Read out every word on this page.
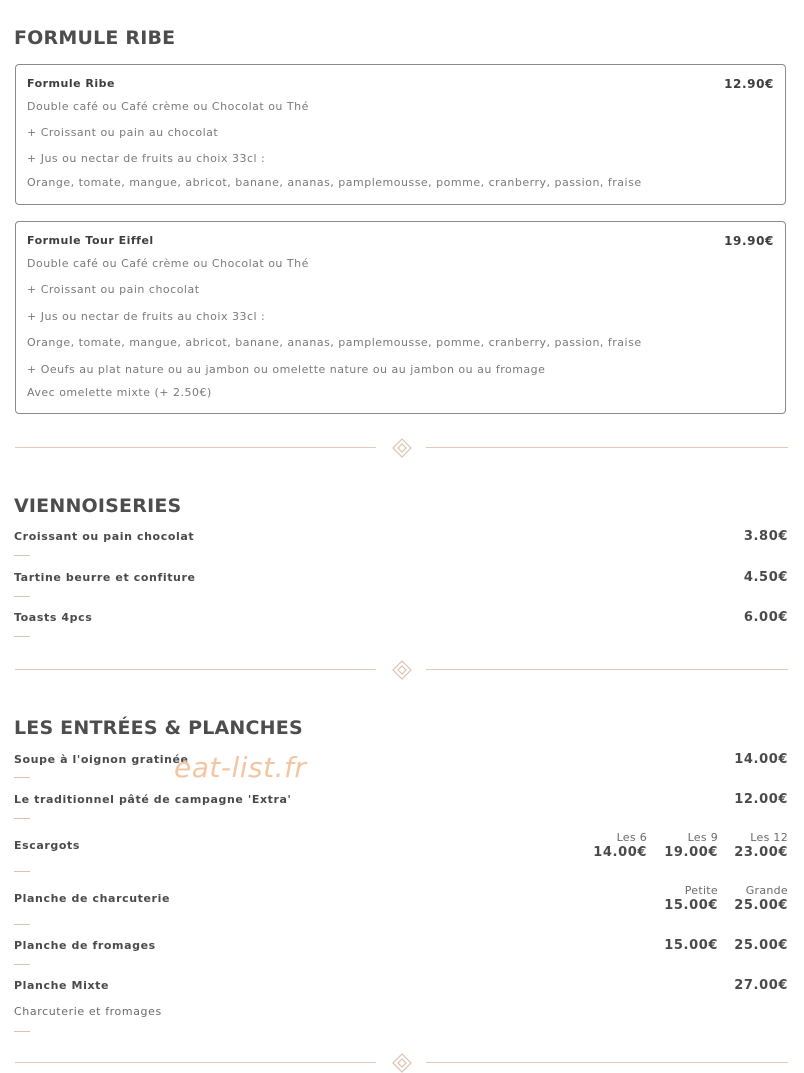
FORMULE RIBE
Formule Ribe	12.90€
Double café ou Café crème ou Chocolat ou Thé
+ Croissant ou pain au chocolat
+ Jus ou nectar de fruits au choix 33cl :
Orange, tomate, mangue, abricot, banane, ananas, pamplemousse, pomme, cranberry, passion, fraise
Formule Tour Eiffel	19.90€
Double café ou Café crème ou Chocolat ou Thé
+ Croissant ou pain chocolat
+ Jus ou nectar de fruits au choix 33cl :
Orange, tomate, mangue, abricot, banane, ananas, pamplemousse, pomme, cranberry, passion, fraise
+ Oeufs au plat nature ou au jambon ou omelette nature ou au jambon ou au fromage
Avec omelette mixte (+ 2.50€)
VIENNOISERIES
Croissant ou pain chocolat	3.80€
Tartine beurre et confiture	4.50€
Toasts 4pcs	6.00€
LES ENTRÉES & PLANCHES
Soupe à l'oignon gratinée	14.00€
eat-list.fr
Le traditionnel pâté de campagne 'Extra'	12.00€
Escargots
Les 6	Les 9	Les 12
14.00€ 19.00€ 23.00€
Planche de charcuterie
Petite	Grande
15.00€ 25.00€
Planche de fromages	15.00€ 25.00€
Planche Mixte	27.00€
Charcuterie et fromages
